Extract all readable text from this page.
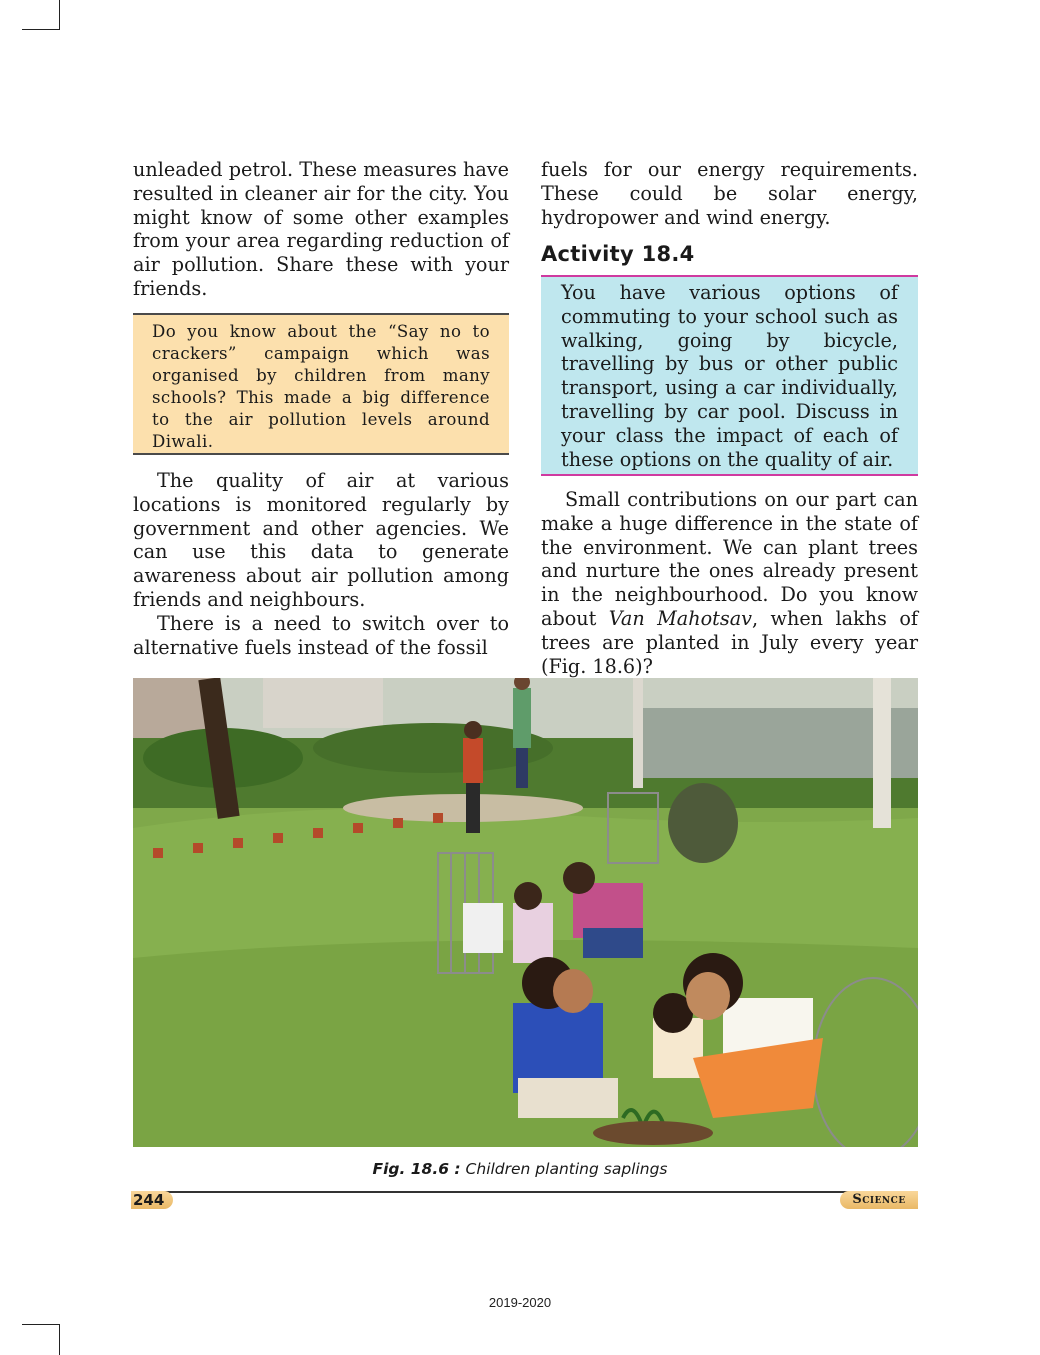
unleaded petrol. These measures have resulted in cleaner air for the city. You might know of some other examples from your area regarding reduction of air pollution. Share these with your friends.

Do you know about the “Say no to crackers” campaign which was organised by children from many schools? This made a big difference to the air pollution levels around Diwali.

The quality of air at various locations is monitored regularly by government and other agencies. We can use this data to generate awareness about air pollution among friends and neighbours.

There is a need to switch over to alternative fuels instead of the fossil

fuels for our energy requirements. These could be solar energy, hydropower and wind energy.

Activity 18.4

You have various options of commuting to your school such as walking, going by bicycle, travelling by bus or other public transport, using a car individually, travelling by car pool. Discuss in your class the impact of each of these options on the quality of air.

Small contributions on our part can make a huge difference in the state of the environment. We can plant trees and nurture the ones already present in the neighbourhood. Do you know about Van Mahotsav, when lakhs of trees are planted in July every year (Fig. 18.6)?

Fig. 18.6 : Children planting saplings
244	Science
2019-2020
